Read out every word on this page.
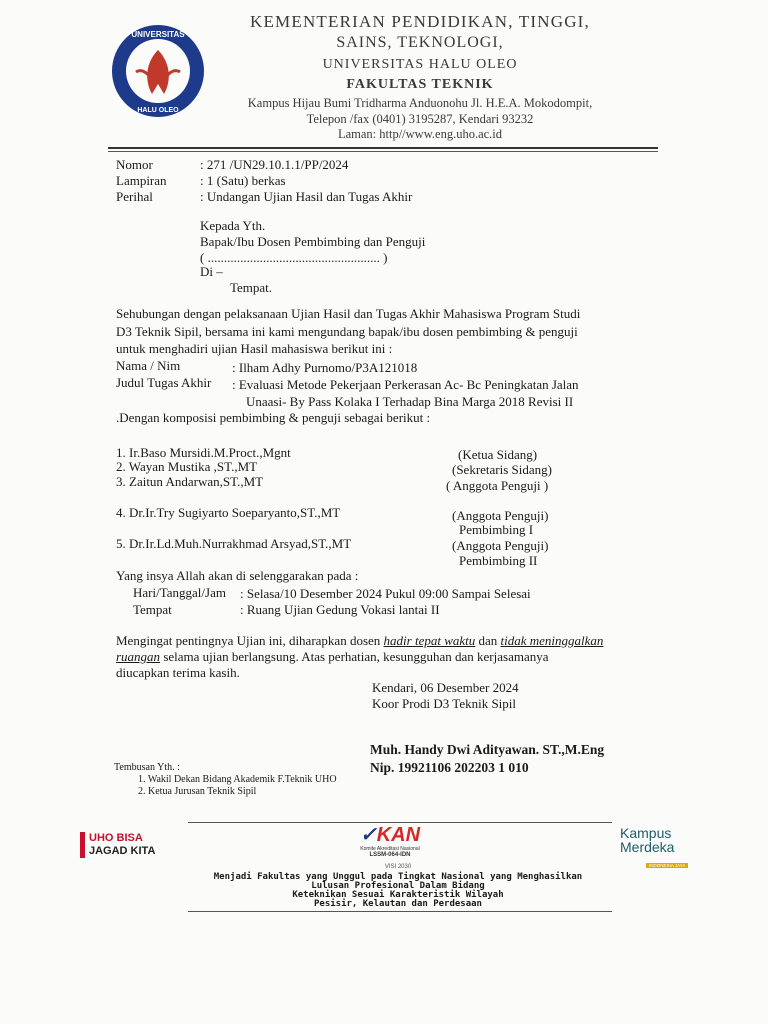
UNIVERSITAS
HALU OLEO
KEMENTERIAN PENDIDIKAN, TINGGI,
SAINS, TEKNOLOGI,
UNIVERSITAS HALU OLEO
FAKULTAS TEKNIK
Kampus Hijau Bumi Tridharma Anduonohu Jl. H.E.A. Mokodompit,
Telepon /fax (0401) 3195287, Kendari 93232
Laman: http//www.eng.uho.ac.id
Nomor	: 271 /UN29.10.1.1/PP/2024
Lampiran	: 1 (Satu) berkas
Perihal	: Undangan Ujian Hasil dan Tugas Akhir
Kepada Yth.
Bapak/Ibu Dosen Pembimbing dan Penguji
( ..................................................... )
Di –
Tempat.
Sehubungan dengan pelaksanaan Ujian Hasil dan Tugas Akhir Mahasiswa Program Studi
D3 Teknik Sipil, bersama ini kami mengundang bapak/ibu dosen pembimbing & penguji
untuk menghadiri ujian Hasil mahasiswa berikut ini :
Nama / Nim	: Ilham Adhy Purnomo/P3A121018
Judul Tugas Akhir : Evaluasi Metode Pekerjaan Perkerasan Ac- Bc Peningkatan Jalan
Unaasi- By Pass Kolaka I Terhadap Bina Marga 2018 Revisi II
.Dengan komposisi pembimbing & penguji sebagai berikut :
1. Ir.Baso Mursidi.M.Proct.,Mgnt	(Ketua Sidang)
2. Wayan Mustika ,ST.,MT	(Sekretaris Sidang)
3. Zaitun Andarwan,ST.,MT	( Anggota Penguji )
4. Dr.Ir.Try Sugiyarto Soeparyanto,ST.,MT	(Anggota Penguji)
Pembimbing I
5. Dr.Ir.Ld.Muh.Nurrakhmad Arsyad,ST.,MT	(Anggota Penguji)
Pembimbing II
Yang insya Allah akan di selenggarakan pada :
Hari/Tanggal/Jam : Selasa/10 Desember 2024 Pukul 09:00 Sampai Selesai
Tempat	: Ruang Ujian Gedung Vokasi lantai II
Mengingat pentingnya Ujian ini, diharapkan dosen hadir tepat waktu dan tidak meninggalkan
ruangan selama ujian berlangsung. Atas perhatian, kesungguhan dan kerjasamanya
diucapkan terima kasih.
Kendari, 06 Desember 2024
Koor Prodi D3 Teknik Sipil
Muh. Handy Dwi Adityawan. ST.,M.Eng
Nip. 19921106 202203 1 010
Tembusan Yth. :
1. Wakil Dekan Bidang Akademik F.Teknik UHO
2. Ketua Jurusan Teknik Sipil
UHO BISA
JAGAD KITA
✓KAN
Komite Akreditasi Nasional
LSSM-064-IDN
Kampus
Merdeka
INDONESIA JAYA
VISI 2030
Menjadi Fakultas yang Unggul pada Tingkat Nasional yang Menghasilkan
Lulusan Profesional Dalam Bidang
Keteknikan Sesuai Karakteristik Wilayah
Pesisir, Kelautan dan Perdesaan
